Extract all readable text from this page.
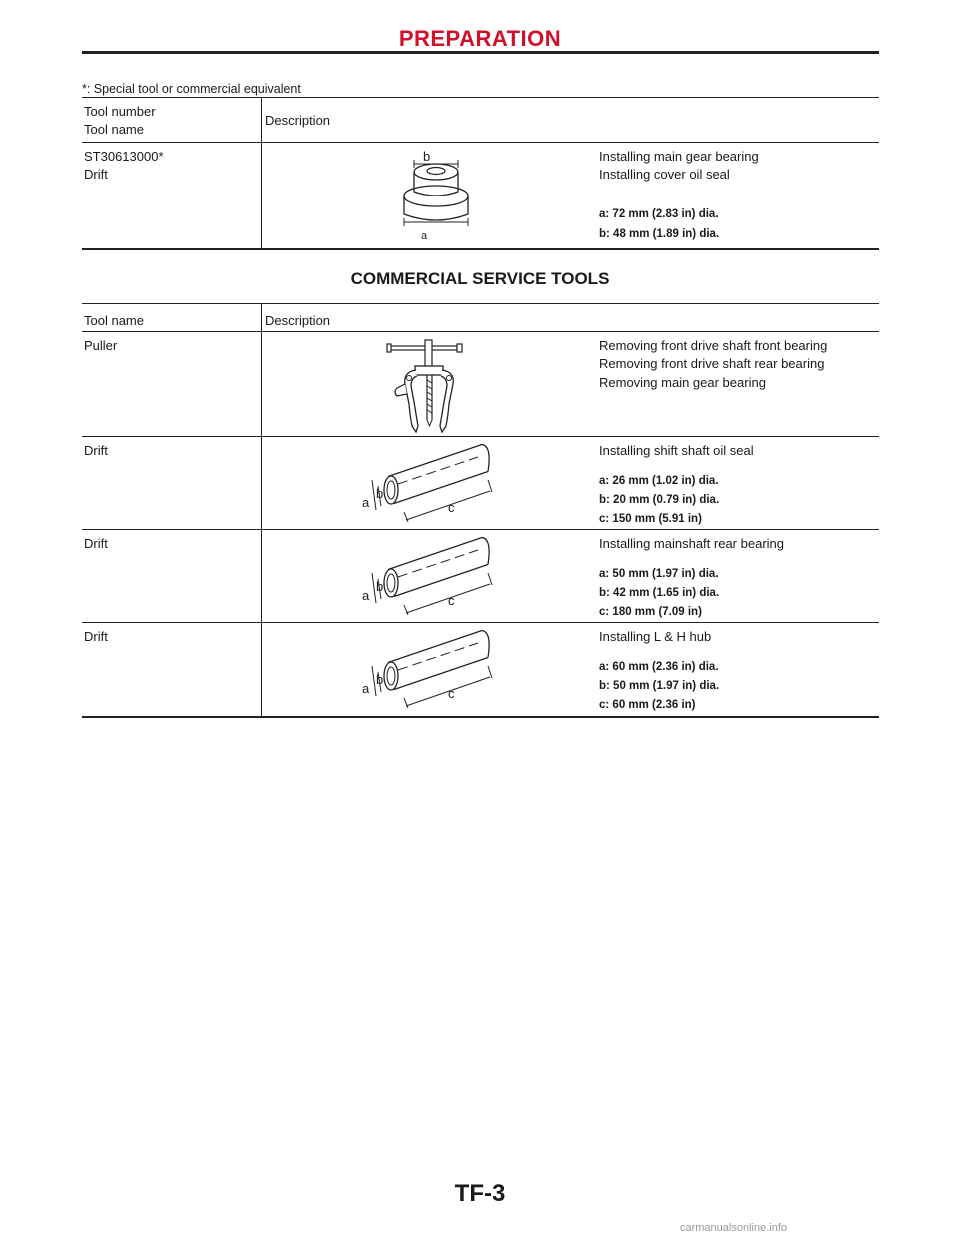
PREPARATION
*: Special tool or commercial equivalent
Tool number
Tool name
Description
ST30613000*
Drift
b
a
Installing main gear bearing
Installing cover oil seal
a: 72 mm (2.83 in) dia.
b: 48 mm (1.89 in) dia.
COMMERCIAL SERVICE TOOLS
Tool name	Description
Puller	Removing front drive shaft front bearing
Removing front drive shaft rear bearing
Removing main gear bearing
Drift
a
b
c
Installing shift shaft oil seal
a: 26 mm (1.02 in) dia.
b: 20 mm (0.79 in) dia.
c: 150 mm (5.91 in)
Drift
a
b
c
Installing mainshaft rear bearing
a: 50 mm (1.97 in) dia.
b: 42 mm (1.65 in) dia.
c: 180 mm (7.09 in)
Drift
a
b
c
Installing L & H hub
a: 60 mm (2.36 in) dia.
b: 50 mm (1.97 in) dia.
c: 60 mm (2.36 in)
TF-3
carmanualsonline.info
